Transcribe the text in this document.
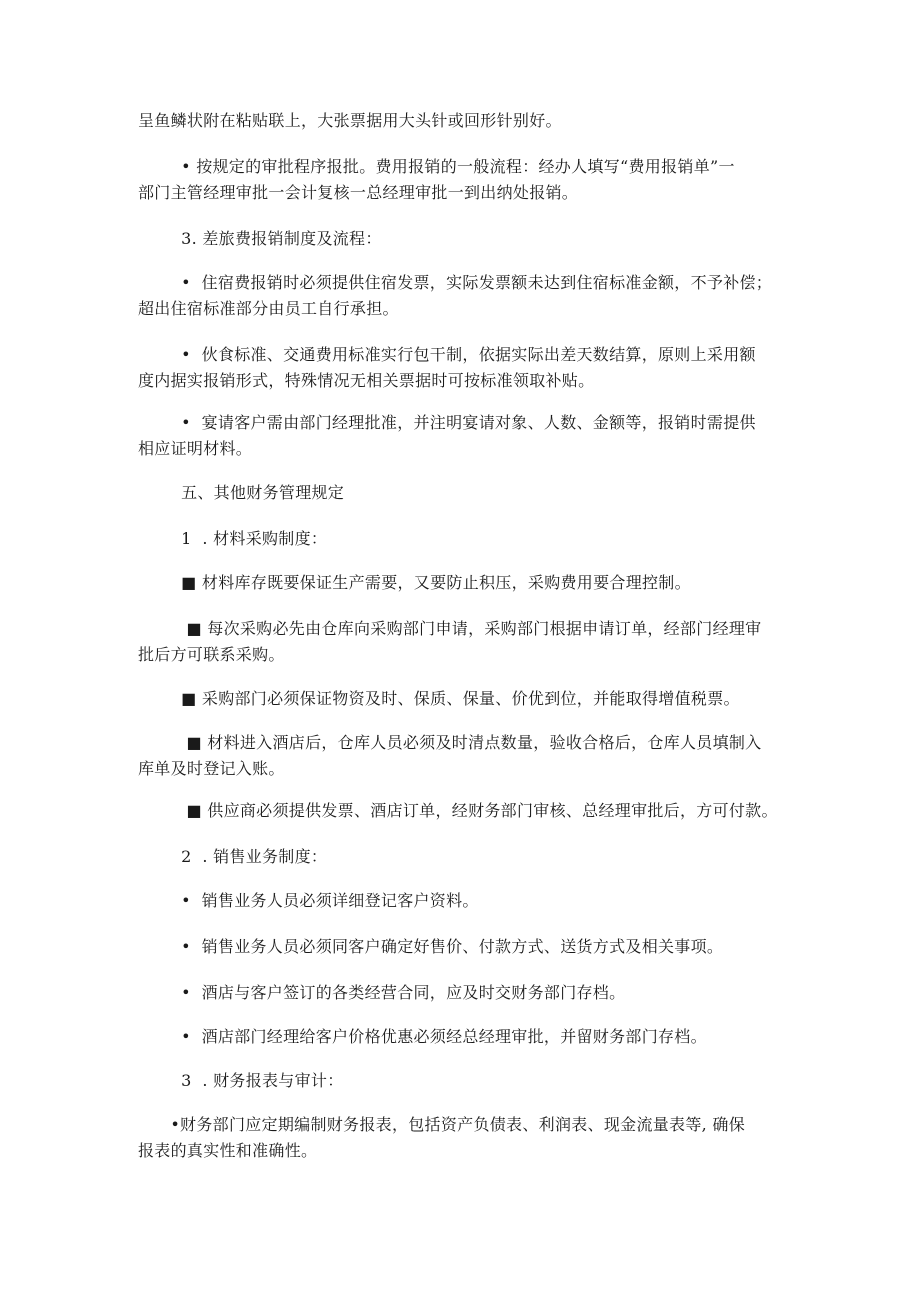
呈鱼鳞状附在粘贴联上，大张票据用大头针或回形针别好。
• 按规定的审批程序报批。费用报销的一般流程：经办人填写“费用报销单”一
部门主管经理审批一会计复核一总经理审批一到出纳处报销。
3. 差旅费报销制度及流程：
•  住宿费报销时必须提供住宿发票，实际发票额未达到住宿标准金额，不予补偿；
超出住宿标准部分由员工自行承担。
•  伙食标准、交通费用标准实行包干制，依据实际出差天数结算，原则上采用额
度内据实报销形式，特殊情况无相关票据时可按标准领取补贴。
•  宴请客户需由部门经理批准，并注明宴请对象、人数、金额等，报销时需提供
相应证明材料。
五、其他财务管理规定
1  . 材料采购制度：
■ 材料库存既要保证生产需要，又要防止积压，采购费用要合理控制。
■ 每次采购必先由仓库向采购部门申请，采购部门根据申请订单，经部门经理审
批后方可联系采购。
■ 采购部门必须保证物资及时、保质、保量、价优到位，并能取得增值税票。
■ 材料进入酒店后，仓库人员必须及时清点数量，验收合格后，仓库人员填制入
库单及时登记入账。
■ 供应商必须提供发票、酒店订单，经财务部门审核、总经理审批后，方可付款。
2  . 销售业务制度：
•  销售业务人员必须详细登记客户资料。
•  销售业务人员必须同客户确定好售价、付款方式、送货方式及相关事项。
•  酒店与客户签订的各类经营合同，应及时交财务部门存档。
•  酒店部门经理给客户价格优惠必须经总经理审批，并留财务部门存档。
3  . 财务报表与审计：
•财务部门应定期编制财务报表，包括资产负债表、利润表、现金流量表等, 确保
报表的真实性和准确性。
